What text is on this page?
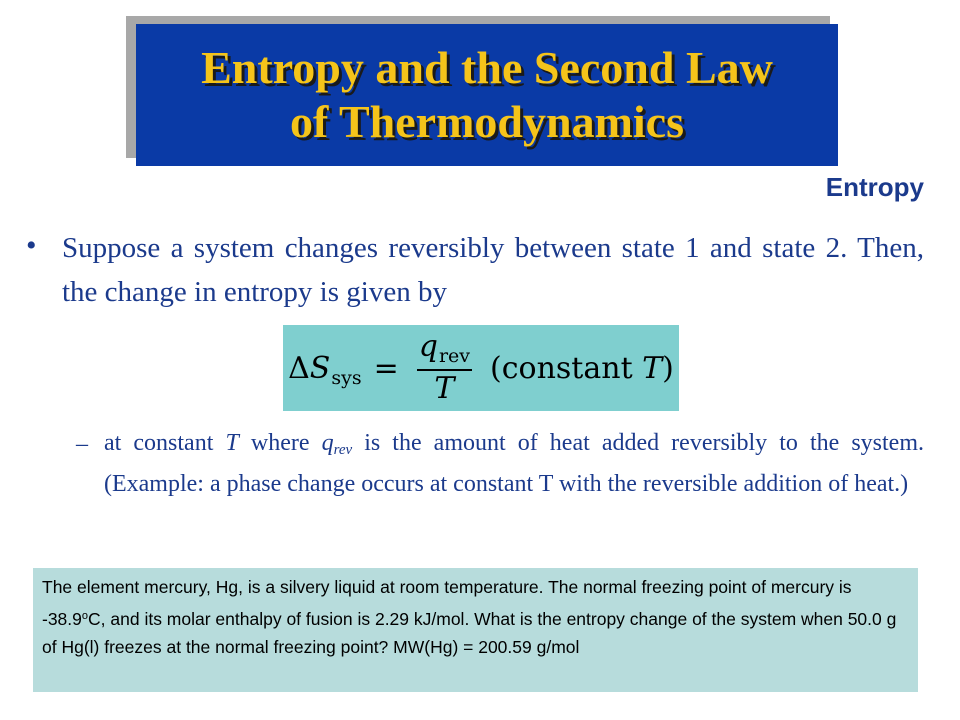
Entropy and the Second Law
of Thermodynamics
Entropy
• Suppose a system changes reversibly between state 1 and state 2. Then, the change in entropy is given by
Δ S sys = $\frac{\text{q rev}}{T}$ (constant T)
– at constant T where qrev is the amount of heat added reversibly to the system. (Example: a phase change occurs at constant T with the reversible addition of heat.)
The element mercury, Hg, is a silvery liquid at room temperature. The normal freezing point of mercury is -38.9$^o$C, and its molar enthalpy of fusion is 2.29 kJ/mol. What is the entropy change of the system when 50.0 g of Hg(l) freezes at the normal freezing point? MW(Hg) = 200.59 g/mol
